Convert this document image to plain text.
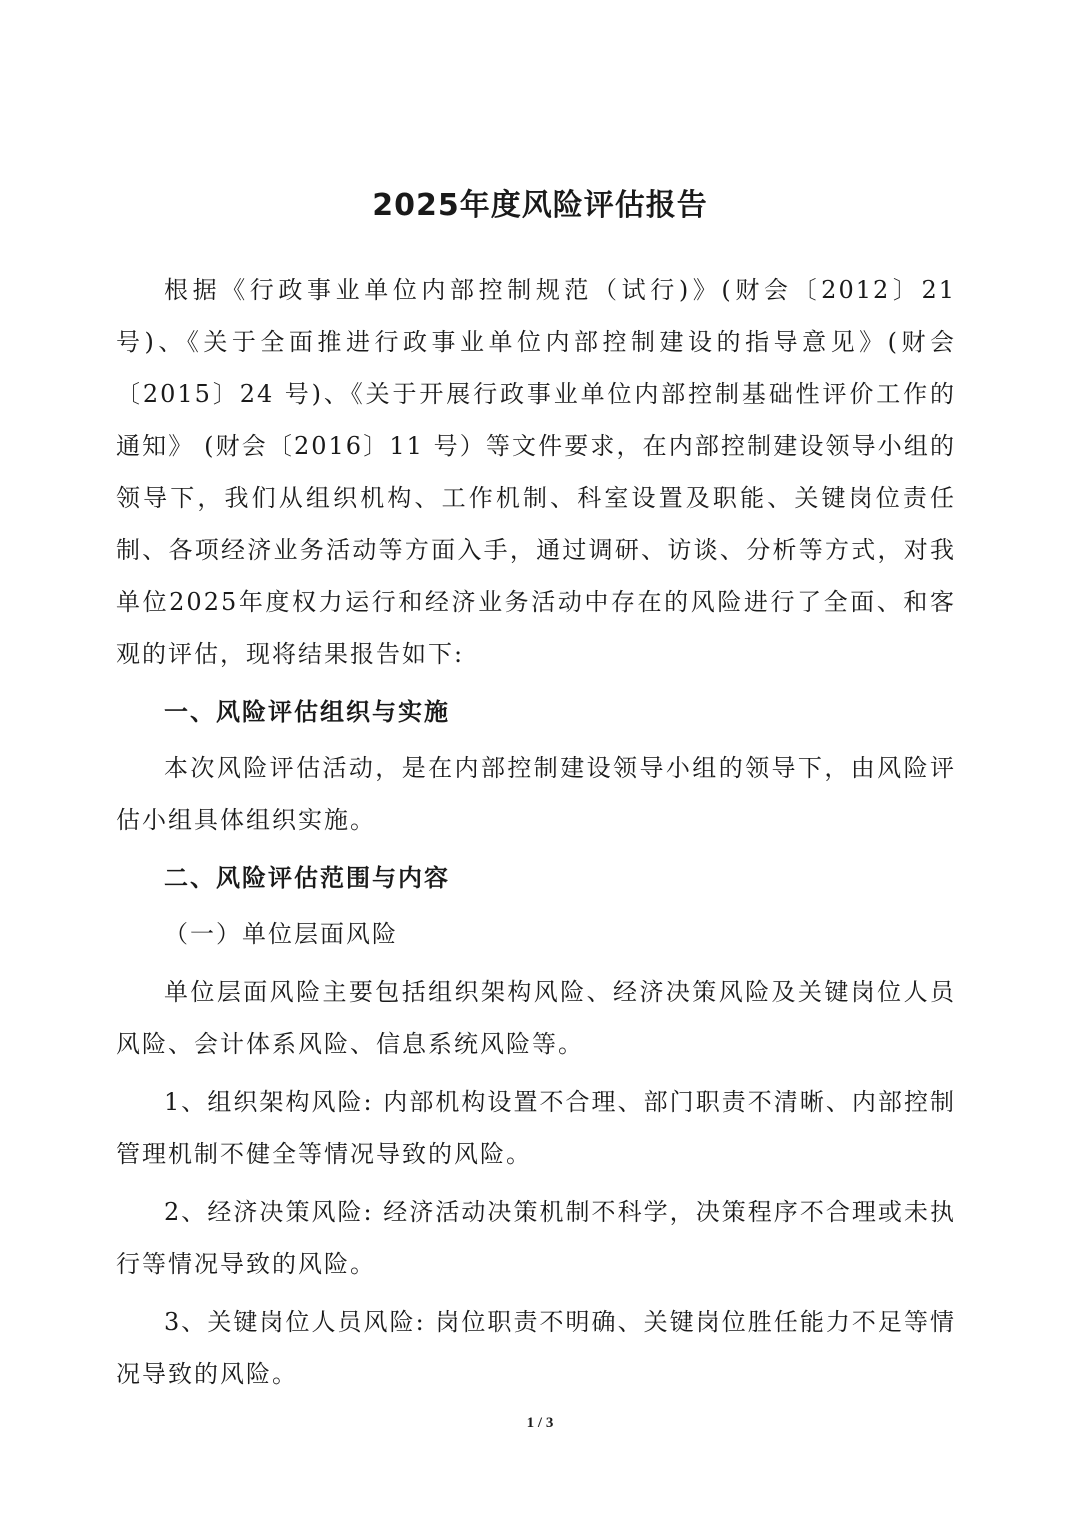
2025年度风险评估报告

根据《行政事业单位内部控制规范（试行)》(财会〔2012〕21 号)、《关于全面推进行政事业单位内部控制建设的指导意见》(财会〔2015〕24 号)、《关于开展行政事业单位内部控制基础性评价工作的通知》 (财会〔2016〕11 号）等文件要求，在内部控制建设领导小组的领导下，我们从组织机构、工作机制、科室设置及职能、关键岗位责任制、各项经济业务活动等方面入手，通过调研、访谈、分析等方式，对我单位2025年度权力运行和经济业务活动中存在的风险进行了全面、和客观的评估，现将结果报告如下:

一、风险评估组织与实施

本次风险评估活动，是在内部控制建设领导小组的领导下，由风险评估小组具体组织实施。

二、风险评估范围与内容

（一）单位层面风险

单位层面风险主要包括组织架构风险、经济决策风险及关键岗位人员风险、会计体系风险、信息系统风险等。

1、组织架构风险: 内部机构设置不合理、部门职责不清晰、内部控制管理机制不健全等情况导致的风险。

2、经济决策风险: 经济活动决策机制不科学，决策程序不合理或未执行等情况导致的风险。

3、关键岗位人员风险: 岗位职责不明确、关键岗位胜任能力不足等情况导致的风险。

1 / 3
